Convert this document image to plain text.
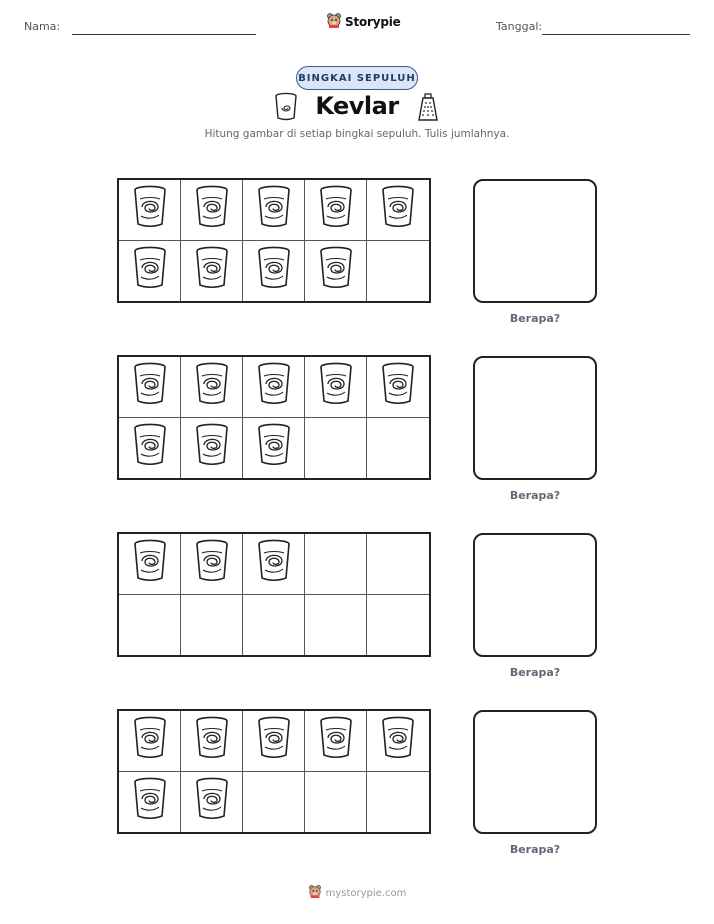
Nama:	Tanggal:
Storypie
BINGKAI SEPULUH
Kevlar
Hitung gambar di setiap bingkai sepuluh. Tulis jumlahnya.
Berapa?
Berapa?
Berapa?
Berapa?
mystorypie.com
